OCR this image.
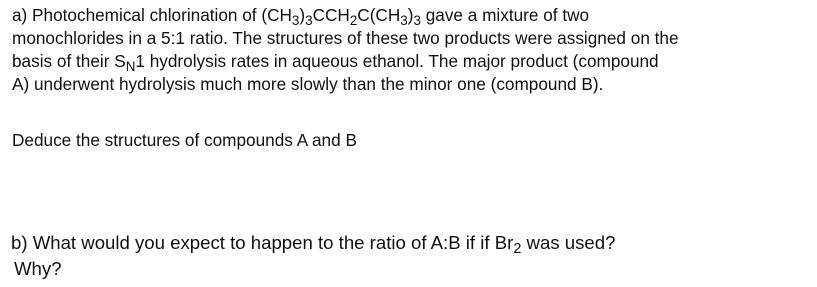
a) Photochemical chlorination of $(CH_3)_3CCH_2C(CH_3)_3$ gave a mixture of two
monochlorides in a 5:1 ratio. The structures of these two products were assigned on the
basis of their $S_N1$ hydrolysis rates in aqueous ethanol. The major product (compound
A) underwent hydrolysis much more slowly than the minor one (compound B).
Deduce the structures of compounds A and B
b) What would you expect to happen to the ratio of A:B if if $Br_2$ was used?
Why?
